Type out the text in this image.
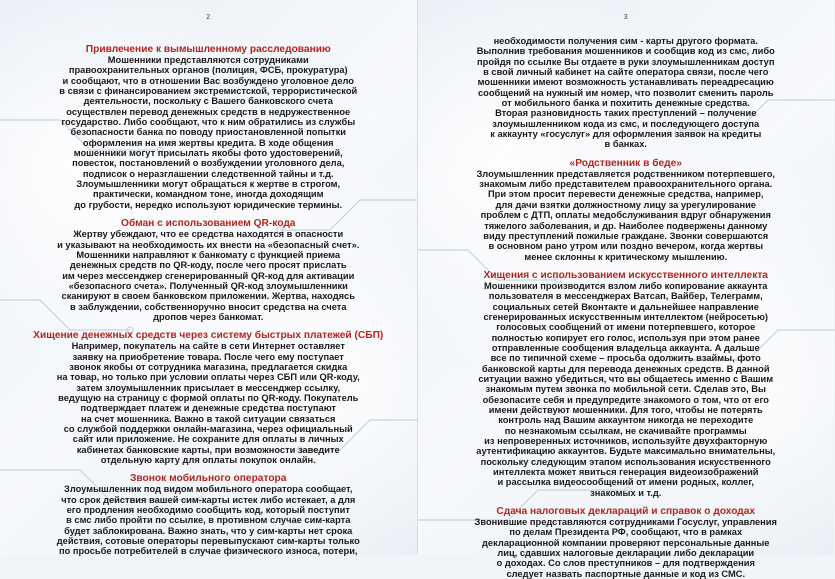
2
Привлечение к вымышленному расследованию

Мошенники представляются сотрудниками

правоохранительных органов (полиция, ФСБ, прокуратура)

и сообщают, что в отношении Вас возбуждено уголовное дело

в связи с финансированием экстремистской, террористической

деятельности, поскольку с Вашего банковского счета

осуществлен перевод денежных средств в недружественное

государство. Либо сообщают, что к ним обратились из службы

безопасности банка по поводу приостановленной попытки

оформления на имя жертвы кредита. В ходе общения

мошенники могут присылать якобы фото удостоверений,

повесток, постановлений о возбуждении уголовного дела,

подписок о неразглашении следственной тайны и т.д.

Злоумышленники могут обращаться к жертве в строгом,

практически, командном тоне, иногда доходящим

до грубости, нередко используют юридические термины.

Обман с использованием QR-кода

Жертву убеждают, что ее средства находятся в опасности

и указывают на необходимость их внести на «безопасный счет».

Мошенники направляют к банкомату с функцией приема

денежных средств по QR-коду, после чего просят прислать

им через мессенджер сгенерированный QR-код для активации

«безопасного счета». Полученный QR-код злоумышленники

сканируют в своем банковском приложении. Жертва, находясь

в заблуждении, собственноручно вносит средства на счета

дропов через банкомат.

Хищение денежных средств через систему быстрых платежей (СБП)

Например, покупатель на сайте в сети Интернет оставляет

заявку на приобретение товара. После чего ему поступает

звонок якобы от сотрудника магазина, предлагается скидка

на товар, но только при условии оплаты через СБП или QR-коду,

затем злоумышленник присылает в мессенджер ссылку,

ведущую на страницу с формой оплаты по QR-коду. Покупатель

подтверждает платеж и денежные средства поступают

на счет мошенника. Важно в такой ситуации связаться

со службой поддержки онлайн-магазина, через официальный

сайт или приложение. Не сохраните для оплаты в личных

кабинетах банковские карты, при возможности заведите

отдельную карту для оплаты покупок онлайн.

Звонок мобильного оператора

Злоумышленник под видом мобильного оператора сообщает,

что срок действия вашей сим-карты истек либо истекает, а для

его продления необходимо сообщить код, который поступит

в смс либо пройти по ссылке, в противном случае сим-карта

будет заблокирована. Важно знать, что у сим-карты нет срока

действия, сотовые операторы перевыпускают сим-карты только

по просьбе потребителей в случае физического износа, потери,

3

необходимости получения сим - карты другого формата.

Выполнив требования мошенников и сообщив код из смс, либо

пройдя по ссылке Вы отдаете в руки злоумышленникам доступ

в свой личный кабинет на сайте оператора связи, после чего

мошенники имеют возможность устанавливать переадресацию

сообщений на нужный им номер, что позволит сменить пароль

от мобильного банка и похитить денежные средства.

Вторая разновидность таких преступлений – получение

злоумышленником кода из смс, и последующего доступа

к аккаунту «госуслуг» для оформления заявок на кредиты

в банках.

«Родственник в беде»

Злоумышленник представляется родственником потерпевшего,

знакомым либо представителем правоохранительного органа.

При этом просит перевести денежные средства, например,

для дачи взятки должностному лицу за урегулирование

проблем с ДТП, оплаты медобслуживания вдруг обнаружения

тяжелого заболевания, и др. Наиболее подвержены данному

виду преступлений пожилые граждане. Звонки совершаются

в основном рано утром или поздно вечером, когда жертвы

менее склонны к критическому мышлению.

Хищения с использованием искусственного интеллекта

Мошенники производится взлом либо копирование аккаунта

пользователя в мессенджерах Ватсап, Вайбер, Телеграмм,

социальных сетей Вконтакте и дальнейшее направление

сгенерированных искусственным интеллектом (нейросетью)

голосовых сообщений от имени потерпевшего, которое

полностью копирует его голос, используя при этом ранее

отправленные сообщения владельца аккаунта. А дальше

все по типичной схеме – просьба одолжить взаймы, фото

банковской карты для перевода денежных средств. В данной

ситуации важно убедиться, что вы общаетесь именно с Вашим

знакомым путем звонка по мобильной сети. Сделав это, Вы

обезопасите себя и предупредите знакомого о том, что от его

имени действуют мошенники. Для того, чтобы не потерять

контроль над Вашим аккаунтом никогда не переходите

по незнакомым ссылкам, не скачивайте программы

из непроверенных источников, используйте двухфакторную

аутентификацию аккаунтов. Будьте максимально внимательны,

поскольку следующим этапом использования искусственного

интеллекта может явиться генерация видеоизображений

и рассылка видеосообщений от имени родных, коллег,

знакомых и т.д.

Сдача налоговых деклараций и справок о доходах

Звонившие представляются сотрудниками Госуслуг, управления

по делам Президента РФ, сообщают, что в рамках

декларационной компании проверяют персональные данные

лиц, сдавших налоговые декларации либо декларации

о доходах. Со слов преступников – для подтверждения

следует назвать паспортные данные и код из СМС.
